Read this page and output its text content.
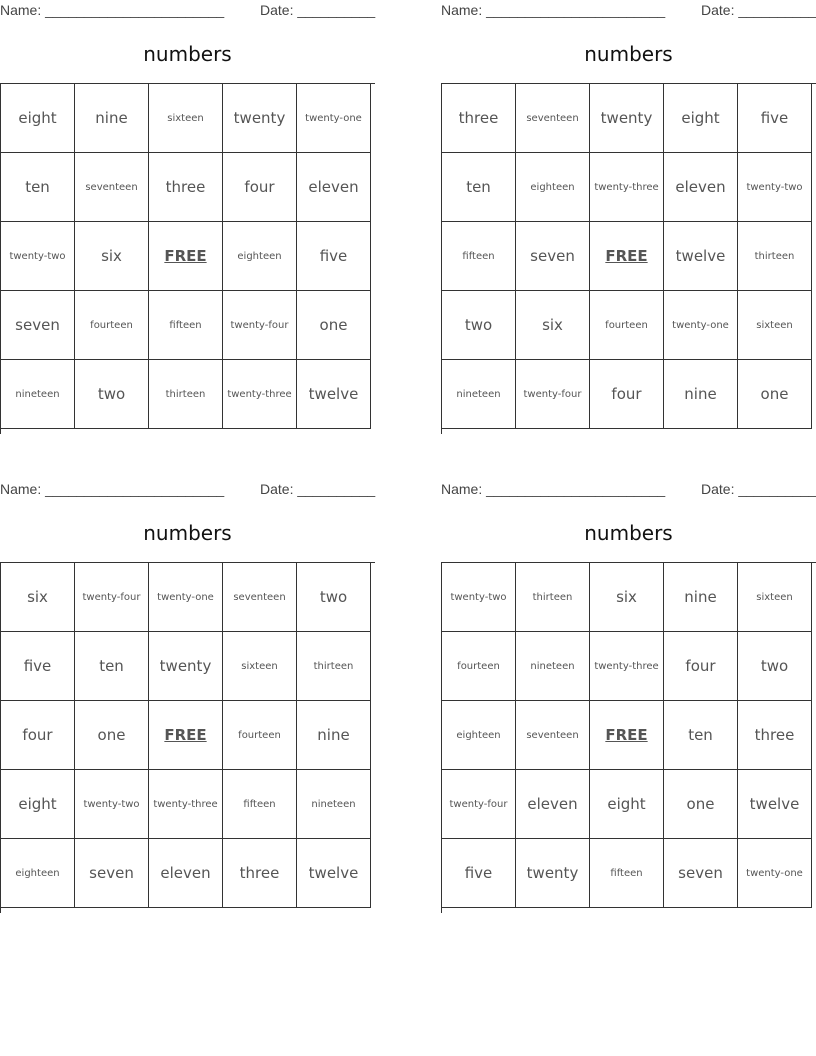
Name: _______________________	Date: __________
numbers
eight	nine	sixteen	twenty	twenty-one
ten	seventeen	three	four	eleven
twenty-two	six	FREE	eighteen	five
seven	fourteen	fifteen	twenty-four	one
nineteen	two	thirteen	twenty-three	twelve
Name: _______________________	Date: __________
numbers
three	seventeen	twenty	eight	five
ten	eighteen	twenty-three	eleven	twenty-two
fifteen	seven	FREE	twelve	thirteen
two	six	fourteen	twenty-one	sixteen
nineteen	twenty-four	four	nine	one
Name: _______________________	Date: __________
numbers
six	twenty-four	twenty-one	seventeen	two
five	ten	twenty	sixteen	thirteen
four	one	FREE	fourteen	nine
eight	twenty-two	twenty-three	fifteen	nineteen
eighteen	seven	eleven	three	twelve
Name: _______________________	Date: __________
numbers
twenty-two	thirteen	six	nine	sixteen
fourteen	nineteen	twenty-three	four	two
eighteen	seventeen	FREE	ten	three
twenty-four	eleven	eight	one	twelve
five	twenty	fifteen	seven	twenty-one
